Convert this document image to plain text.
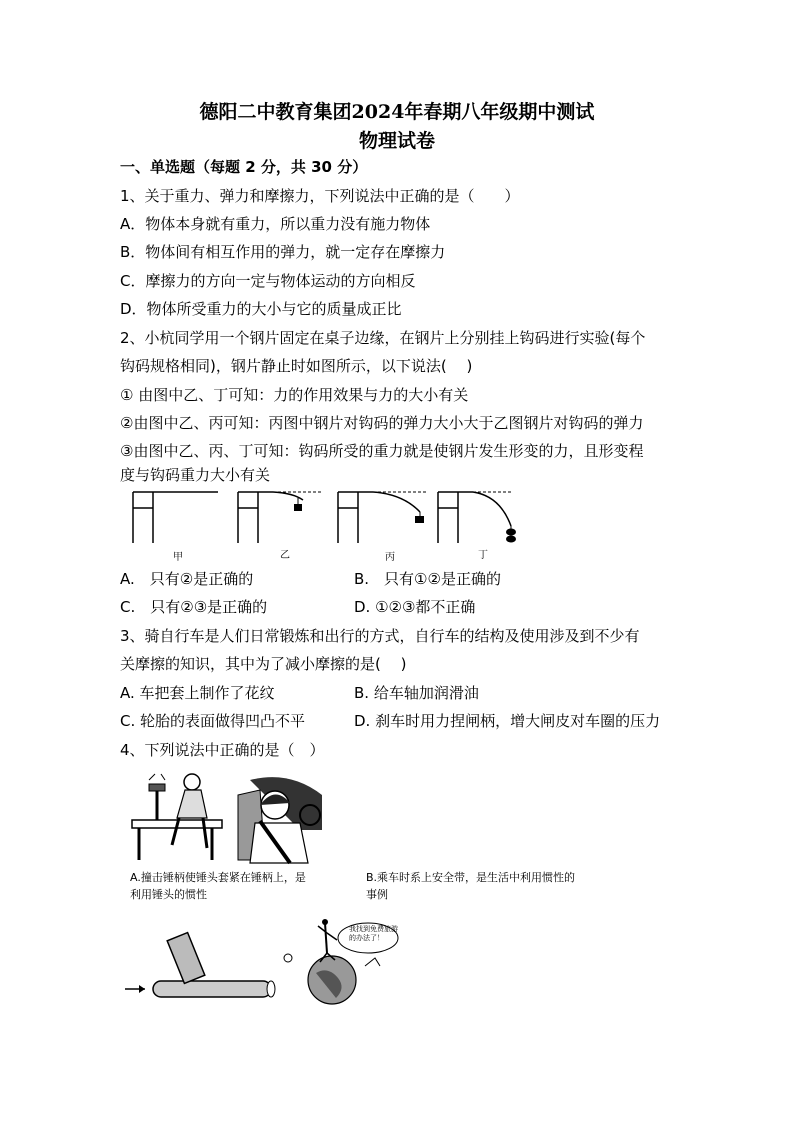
德阳二中教育集团2024年春期八年级期中测试
物理试卷
一、单选题（每题 2 分，共 30 分）
1、关于重力、弹力和摩擦力，下列说法中正确的是（　　）
A．物体本身就有重力，所以重力没有施力物体
B．物体间有相互作用的弹力，就一定存在摩擦力
C．摩擦力的方向一定与物体运动的方向相反
D．物体所受重力的大小与它的质量成正比
2、小杭同学用一个钢片固定在桌子边缘，在钢片上分别挂上钩码进行实验(每个
钩码规格相同)，钢片静止时如图所示，以下说法(　 )
① 由图中乙、丁可知：力的作用效果与力的大小有关
②由图中乙、丙可知：丙图中钢片对钩码的弹力大小大于乙图钢片对钩码的弹力
③由图中乙、丙、丁可知：钩码所受的重力就是使钢片发生形变的力，且形变程
度与钩码重力大小有关
甲	乙	丙	丁
A.　只有②是正确的	B.　只有①②是正确的
C.　只有②③是正确的	D. ①②③都不正确
3、骑自行车是人们日常锻炼和出行的方式，自行车的结构及使用涉及到不少有
关摩擦的知识，其中为了减小摩擦的是(　 )
A. 车把套上制作了花纹	B. 给车轴加润滑油
C. 轮胎的表面做得凹凸不平	D. 刹车时用力捏闸柄，增大闸皮对车圈的压力
4、下列说法中正确的是（　）
A.撞击锤柄使锤头套紧在锤柄上，是
利用锤头的惯性
B.乘车时系上安全带，是生活中利用惯性的
事例
我找到免费旅游的办法了！
